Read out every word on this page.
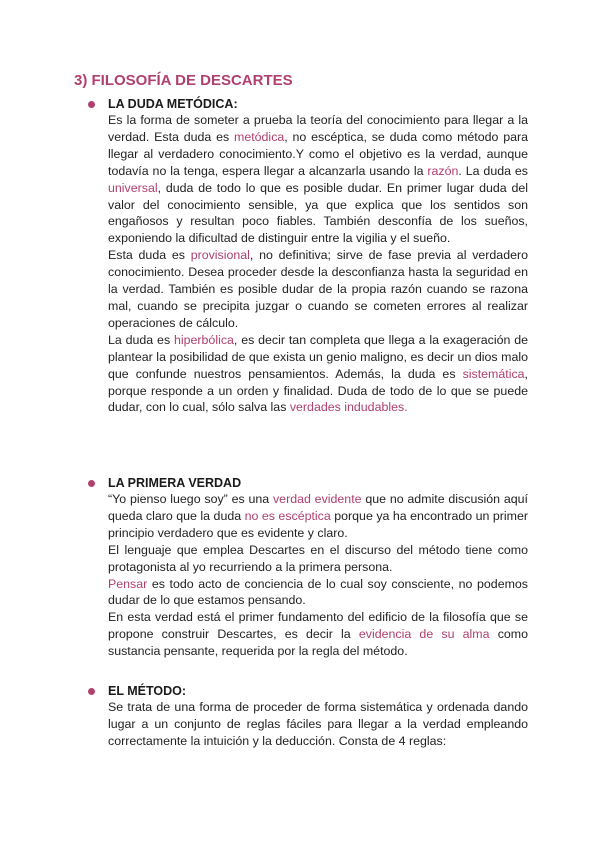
3) FILOSOFÍA DE DESCARTES
LA DUDA METÓDICA:

Es la forma de someter a prueba la teoría del conocimiento para llegar a la verdad. Esta duda es metódica, no escéptica, se duda como método para llegar al verdadero conocimiento.Y como el objetivo es la verdad, aunque todavía no la tenga, espera llegar a alcanzarla usando la razón. La duda es universal, duda de todo lo que es posible dudar. En primer lugar duda del valor del conocimiento sensible, ya que explica que los sentidos son engañosos y resultan poco fiables. También desconfía de los sueños, exponiendo la dificultad de distinguir entre la vigilia y el sueño.

Esta duda es provisional, no definitiva; sirve de fase previa al verdadero conocimiento. Desea proceder desde la desconfianza hasta la seguridad en la verdad. También es posible dudar de la propia razón cuando se razona mal, cuando se precipita juzgar o cuando se cometen errores al realizar operaciones de cálculo.

La duda es hiperbólica, es decir tan completa que llega a la exageración de plantear la posibilidad de que exista un genio maligno, es decir un dios malo que confunde nuestros pensamientos. Además, la duda es sistemática, porque responde a un orden y finalidad. Duda de todo de lo que se puede dudar, con lo cual, sólo salva las verdades indudables.

LA PRIMERA VERDAD

“Yo pienso luego soy” es una verdad evidente que no admite discusión aquí queda claro que la duda no es escéptica porque ya ha encontrado un primer principio verdadero que es evidente y claro.

El lenguaje que emplea Descartes en el discurso del método tiene como protagonista al yo recurriendo a la primera persona.

Pensar es todo acto de conciencia de lo cual soy consciente, no podemos dudar de lo que estamos pensando.

En esta verdad está el primer fundamento del edificio de la filosofía que se propone construir Descartes, es decir la evidencia de su alma como sustancia pensante, requerida por la regla del método.

EL MÉTODO:

Se trata de una forma de proceder de forma sistemática y ordenada dando lugar a un conjunto de reglas fáciles para llegar a la verdad empleando correctamente la intuición y la deducción. Consta de 4 reglas:
